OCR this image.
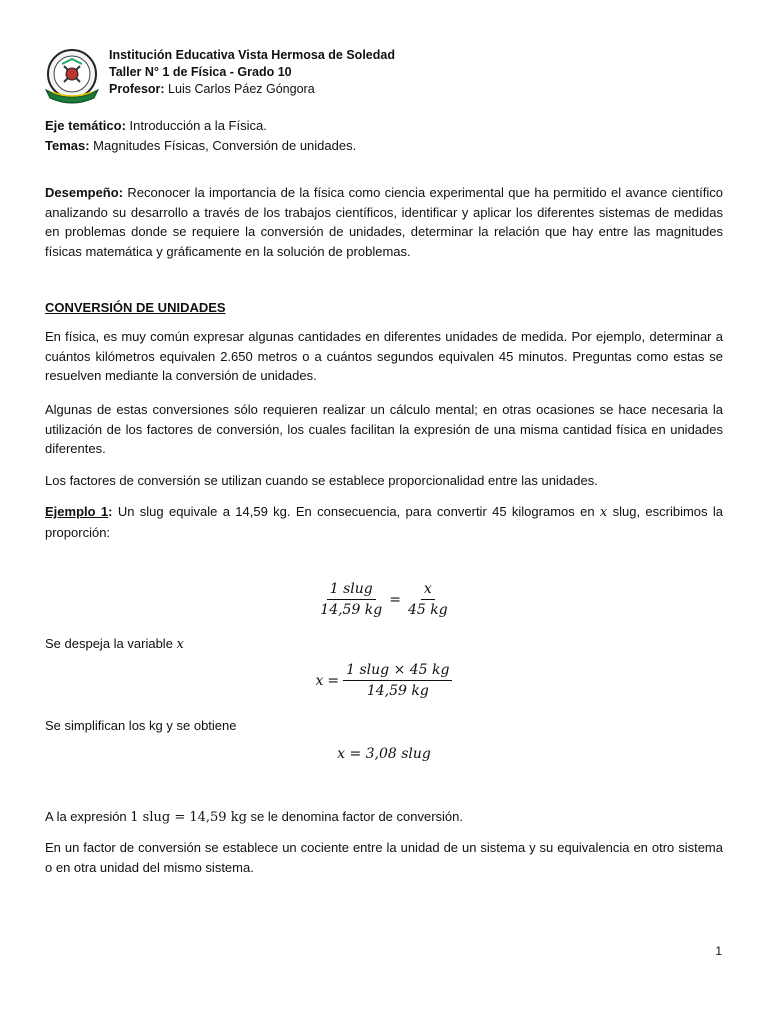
Institución Educativa Vista Hermosa de Soledad
Taller N° 1 de Física - Grado 10
Profesor: Luis Carlos Páez Góngora
Eje temático: Introducción a la Física.
Temas: Magnitudes Físicas, Conversión de unidades.
Desempeño: Reconocer la importancia de la física como ciencia experimental que ha permitido el avance científico analizando su desarrollo a través de los trabajos científicos, identificar y aplicar los diferentes sistemas de medidas en problemas donde se requiere la conversión de unidades, determinar la relación que hay entre las magnitudes físicas matemática y gráficamente en la solución de problemas.
CONVERSIÓN DE UNIDADES
En física, es muy común expresar algunas cantidades en diferentes unidades de medida. Por ejemplo, determinar a cuántos kilómetros equivalen 2.650 metros o a cuántos segundos equivalen 45 minutos. Preguntas como estas se resuelven mediante la conversión de unidades.
Algunas de estas conversiones sólo requieren realizar un cálculo mental; en otras ocasiones se hace necesaria la utilización de los factores de conversión, los cuales facilitan la expresión de una misma cantidad física en unidades diferentes.
Los factores de conversión se utilizan cuando se establece proporcionalidad entre las unidades.
Ejemplo 1: Un slug equivale a 14,59 kg. En consecuencia, para convertir 45 kilogramos en x slug, escribimos la proporción:
$\frac{\text{1 slug}}{14,59 kg} = \frac{x}{45 kg}$
Se despeja la variable x
$x = \frac{\text{1 slug × 45 kg}}{14,59 kg}$
Se simplifican los kg y se obtiene
x = 3,08 slug
A la expresión 1 slug = 14,59 kg se le denomina factor de conversión.
En un factor de conversión se establece un cociente entre la unidad de un sistema y su equivalencia en otro sistema o en otra unidad del mismo sistema.
1
